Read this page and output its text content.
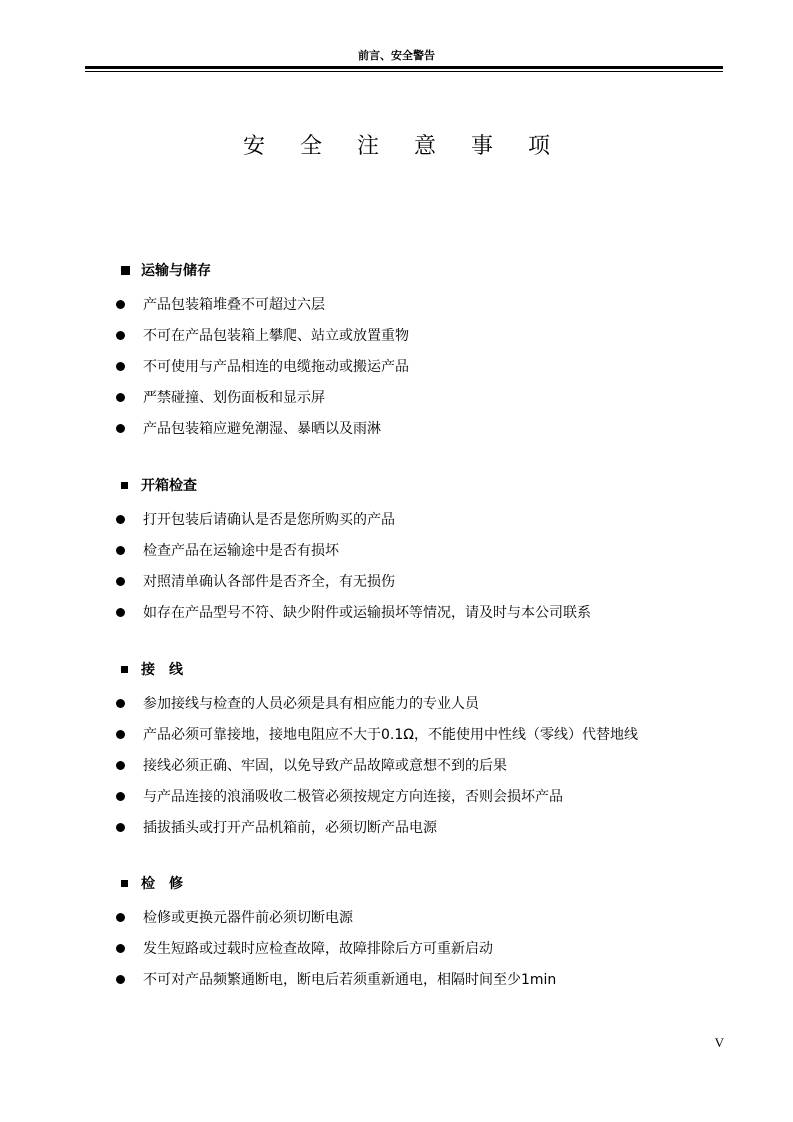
前言、安全警告
安 全 注 意 事 项
运输与储存
产品包装箱堆叠不可超过六层
不可在产品包装箱上攀爬、站立或放置重物
不可使用与产品相连的电缆拖动或搬运产品
严禁碰撞、划伤面板和显示屏
产品包装箱应避免潮湿、暴晒以及雨淋
开箱检查
打开包装后请确认是否是您所购买的产品
检查产品在运输途中是否有损坏
对照清单确认各部件是否齐全，有无损伤
如存在产品型号不符、缺少附件或运输损坏等情况，请及时与本公司联系
接　线
参加接线与检查的人员必须是具有相应能力的专业人员
产品必须可靠接地，接地电阻应不大于0.1Ω，不能使用中性线（零线）代替地线
接线必须正确、牢固，以免导致产品故障或意想不到的后果
与产品连接的浪涌吸收二极管必须按规定方向连接，否则会损坏产品
插拔插头或打开产品机箱前，必须切断产品电源
检　修
检修或更换元器件前必须切断电源
发生短路或过载时应检查故障，故障排除后方可重新启动
不可对产品频繁通断电，断电后若须重新通电，相隔时间至少1min
V
